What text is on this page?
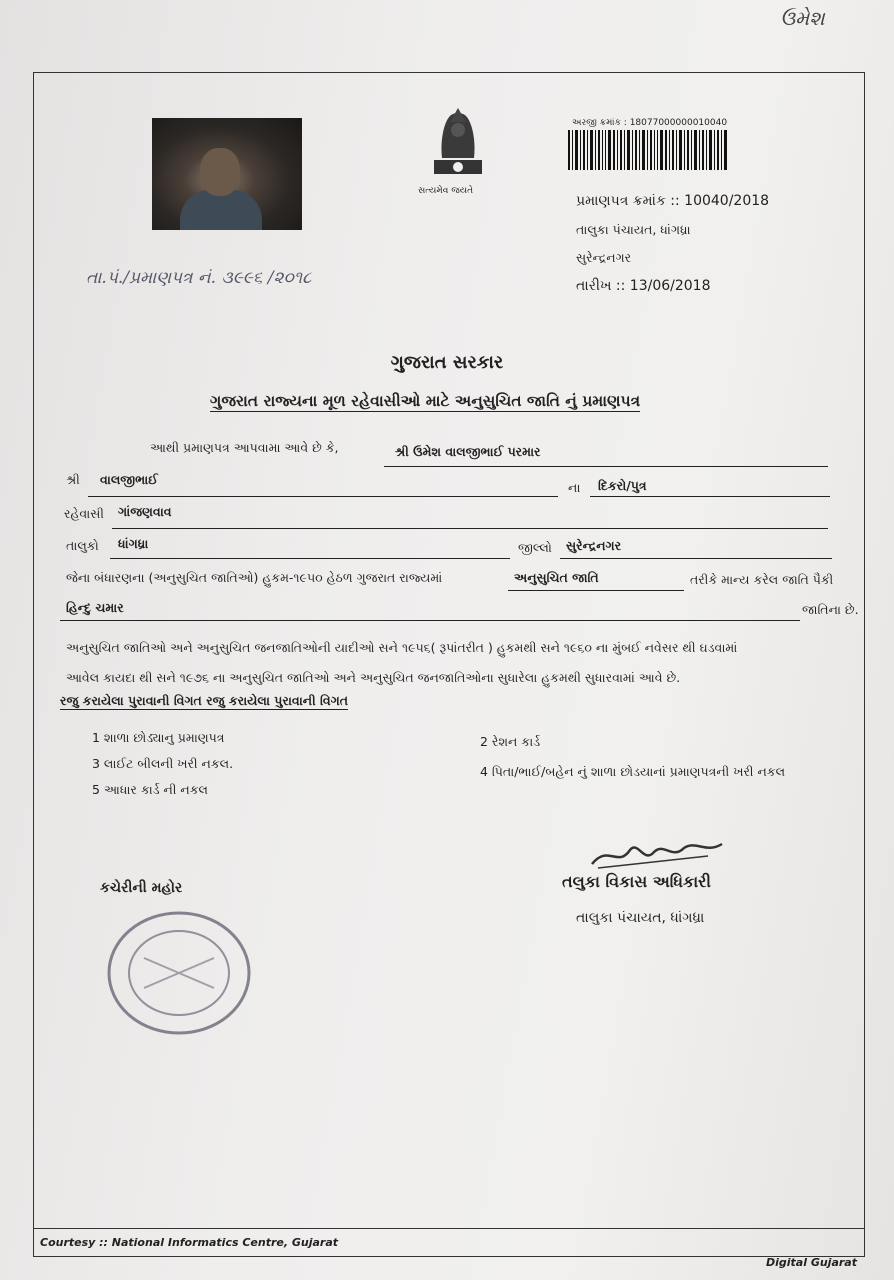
ઉમેશ
સત્યમેવ જયતે
અરજી ક્રમાંક : 18077000000010040
પ્રમાણપત્ર ક્રમાંક :: 10040/2018
તાલુકા પંચાયત, ધાંગધ્રા
સુરેન્દ્રનગર
તારીખ :: 13/06/2018
તા.પં./પ્રમાણપત્ર નં. ૩૯૯૬ /૨૦૧૮
ગુજરાત સરકાર
ગુજરાત રાજ્યના મૂળ રહેવાસીઓ માટે અનુસુચિત જાતિ નું પ્રમાણપત્ર
આથી પ્રમાણપત્ર આપવામા આવે છે કે,	શ્રી ઉમેશ વાલજીભાઈ પરમાર
શ્રી વાલજીભાઈ
ના દિકરો/પુત્ર
રહેવાસી ગાંજણવાવ
તાલુકો ધાંગધ્રા	જીલ્લો સુરેન્દ્રનગર
જેના બંધારણના (અનુસુચિત જાતિઓ) હુકમ-૧૯૫૦ હેઠળ ગુજરાત રાજ્યમાં	અનુસુચિત જાતિ	તરીકે માન્ય કરેલ જાતિ પૈકી
હિન્દુ ચમાર	જાતિના છે.
અનુસુચિત જાતિઓ અને અનુસુચિત જનજાતિઓની યાદીઓ સને ૧૯૫૬( રૂપાંતરીત ) હુકમથી સને ૧૯૬૦ ના મુંબઈ નવેસર થી ઘડવામાં
આવેલ કાયદા થી સને ૧૯૭૬ ના અનુસુચિત જાતિઓ અને અનુસુચિત જનજાતિઓના સુધારેલા હુકમથી સુધારવામાં આવે છે.
રજુ કરાયેલા પુરાવાની વિગત રજુ કરાયેલા પુરાવાની વિગત
1 શાળા છોડ્યાનુ પ્રમાણપત્ર	2 રેશન કાર્ડ
3 લાઈટ બીલની ખરી નકલ.
4 પિતા/ભાઈ/બહેન નું શાળા છોડયાનાં પ્રમાણપત્રની ખરી નકલ
5 આધાર કાર્ડ ની નકલ
કચેરીની મહોર	તલુકા વિકાસ અધિકારી
તાલુકા પંચાયત, ધાંગધ્રા
Courtesy :: National Informatics Centre, Gujarat
Digital Gujarat
